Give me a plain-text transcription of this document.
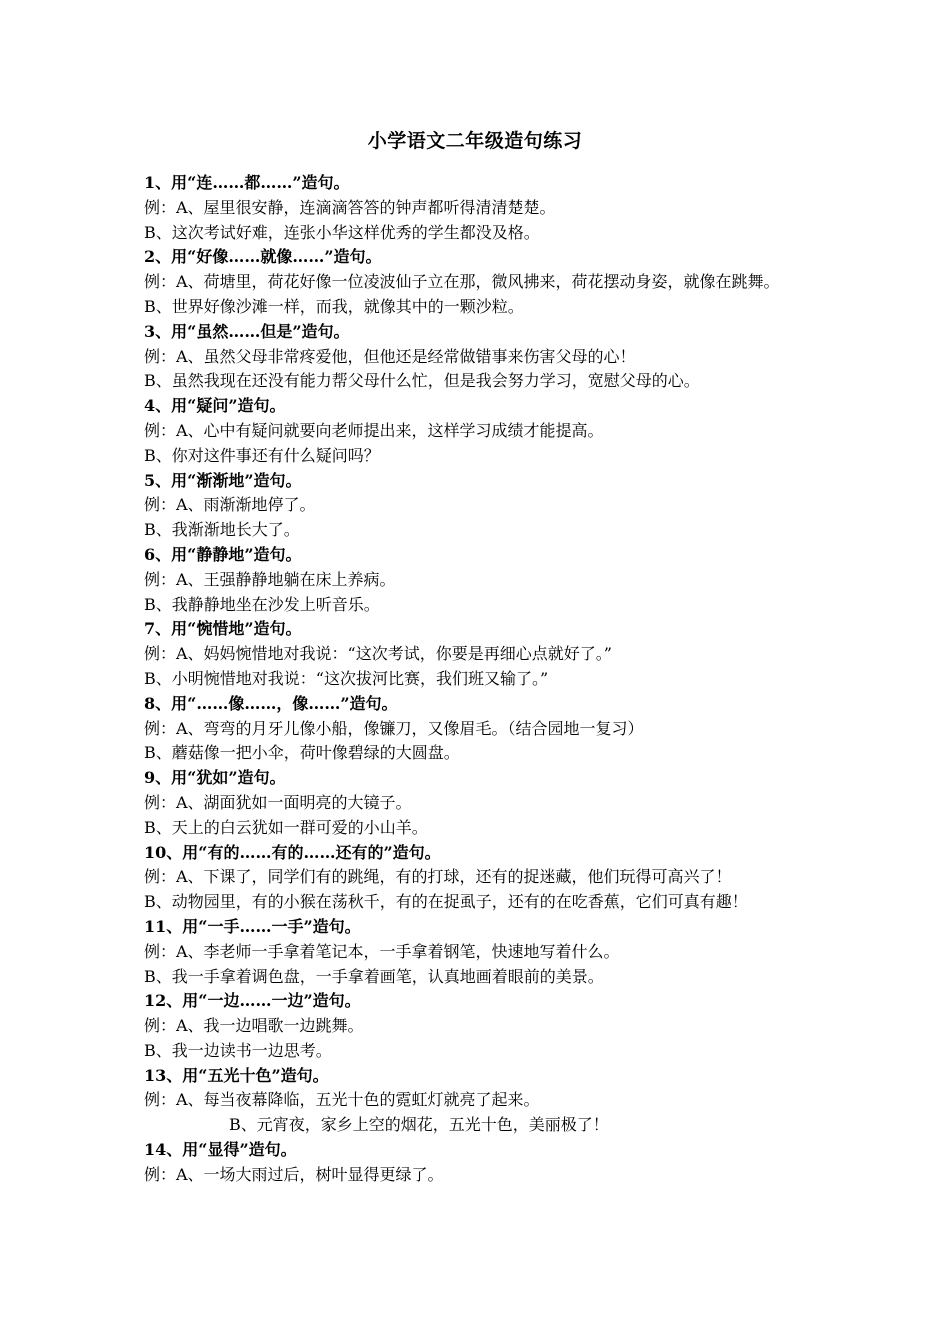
小学语文二年级造句练习
1、用“连……都……”造句。
例：A、屋里很安静，连滴滴答答的钟声都听得清清楚楚。
B、这次考试好难，连张小华这样优秀的学生都没及格。
2、用“好像……就像……”造句。
例：A、荷塘里，荷花好像一位凌波仙子立在那，微风拂来，荷花摆动身姿，就像在跳舞。
B、世界好像沙滩一样，而我，就像其中的一颗沙粒。
3、用“虽然……但是”造句。
例：A、虽然父母非常疼爱他，但他还是经常做错事来伤害父母的心！
B、虽然我现在还没有能力帮父母什么忙，但是我会努力学习，宽慰父母的心。
4、用“疑问”造句。
例：A、心中有疑问就要向老师提出来，这样学习成绩才能提高。
B、你对这件事还有什么疑问吗？
5、用“渐渐地”造句。
例：A、雨渐渐地停了。
B、我渐渐地长大了。
6、用“静静地”造句。
例：A、王强静静地躺在床上养病。
B、我静静地坐在沙发上听音乐。
7、用“惋惜地”造句。
例：A、妈妈惋惜地对我说：“这次考试，你要是再细心点就好了。”
B、小明惋惜地对我说：“这次拔河比赛，我们班又输了。”
8、用“……像……，像……”造句。
例：A、弯弯的月牙儿像小船，像镰刀，又像眉毛。（结合园地一复习）
B、蘑菇像一把小伞，荷叶像碧绿的大圆盘。
9、用“犹如”造句。
例：A、湖面犹如一面明亮的大镜子。
B、天上的白云犹如一群可爱的小山羊。
10、用“有的……有的……还有的”造句。
例：A、下课了，同学们有的跳绳，有的打球，还有的捉迷藏，他们玩得可高兴了！
B、动物园里，有的小猴在荡秋千，有的在捉虱子，还有的在吃香蕉，它们可真有趣！
11、用“一手……一手”造句。
例：A、李老师一手拿着笔记本，一手拿着钢笔，快速地写着什么。
B、我一手拿着调色盘，一手拿着画笔，认真地画着眼前的美景。
12、用“一边……一边”造句。
例：A、我一边唱歌一边跳舞。
B、我一边读书一边思考。
13、用“五光十色”造句。
例：A、每当夜幕降临，五光十色的霓虹灯就亮了起来。
B、元宵夜，家乡上空的烟花，五光十色，美丽极了！
14、用“显得”造句。
例：A、一场大雨过后，树叶显得更绿了。
